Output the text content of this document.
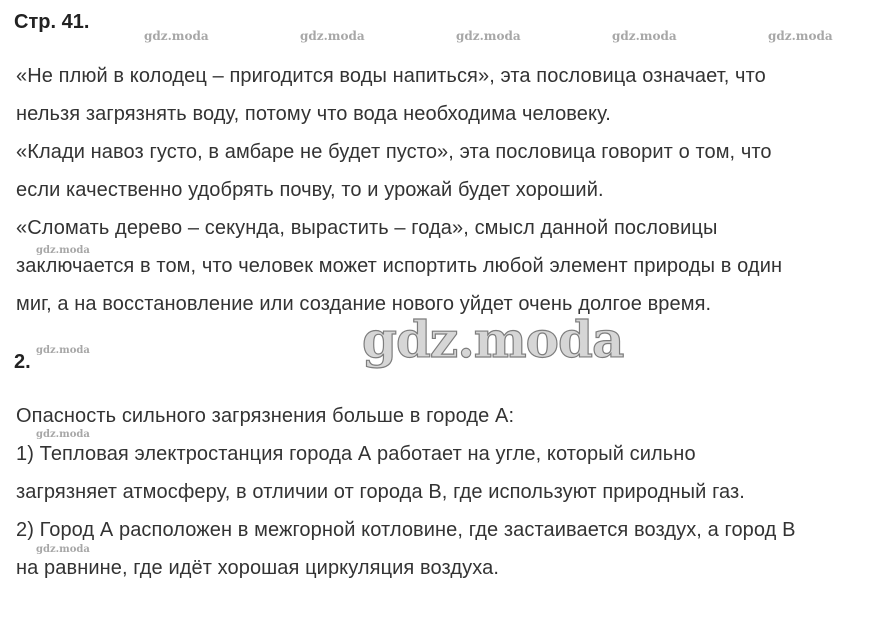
Стр. 41.
gdz.moda	gdz.moda	gdz.moda	gdz.moda	gdz.moda
«Не плюй в колодец – пригодится воды напиться», эта пословица означает, что
нельзя загрязнять воду, потому что вода необходима человеку.
«Клади навоз густо, в амбаре не будет пусто», эта пословица говорит о том, что
если качественно удобрять почву, то и урожай будет хороший.
«Сломать дерево – секунда, вырастить – года», смысл данной пословицы
gdz.moda
заключается в том, что человек может испортить любой элемент природы в один
миг, а на восстановление или создание нового уйдет очень долгое время.
gdz.moda
2.
gdz.moda
Опасность сильного загрязнения больше в городе А:
gdz.moda
1) Тепловая электростанция города А работает на угле, который сильно
загрязняет атмосферу, в отличии от города В, где используют природный газ.
2) Город А расположен в межгорной котловине, где застаивается воздух, а город В
gdz.moda
на равнине, где идёт хорошая циркуляция воздуха.
